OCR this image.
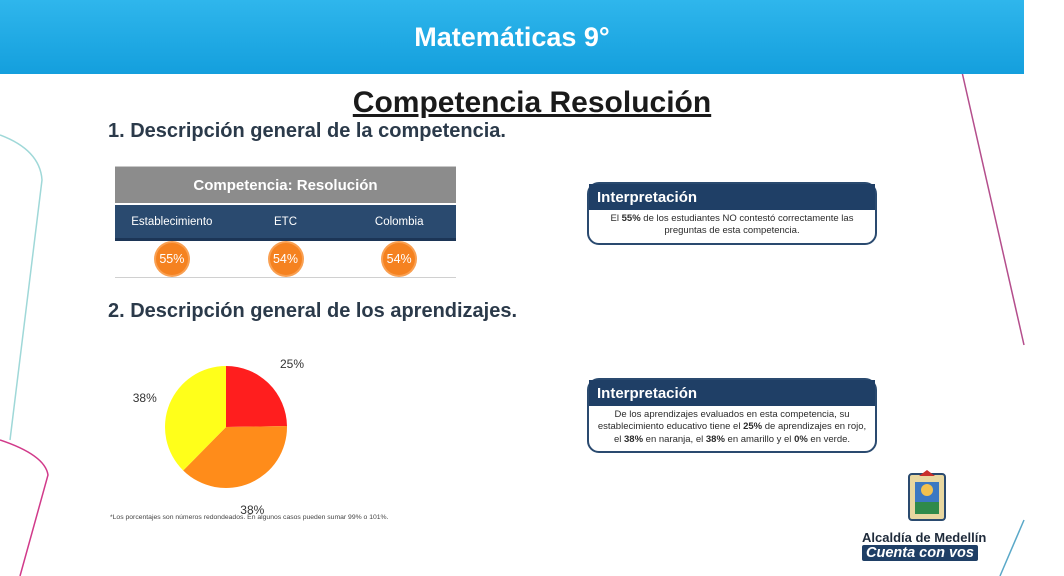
Matemáticas 9°
Competencia Resolución
1. Descripción general de la competencia.
Competencia: Resolución
Establecimiento	ETC	Colombia
55%	54%	54%
Interpretación
El 55% de los estudiantes NO contestó correctamente las preguntas de esta competencia.
2. Descripción general de los aprendizajes.
25%
38%
38%	Interpretación
De los aprendizajes evaluados en esta competencia, su establecimiento educativo tiene el 25% de aprendizajes en rojo, el 38% en naranja, el 38% en amarillo y el 0% en verde.
*Los porcentajes son números redondeados. En algunos casos pueden sumar 99% o 101%.
Alcaldía de Medellín
Cuenta con vos
